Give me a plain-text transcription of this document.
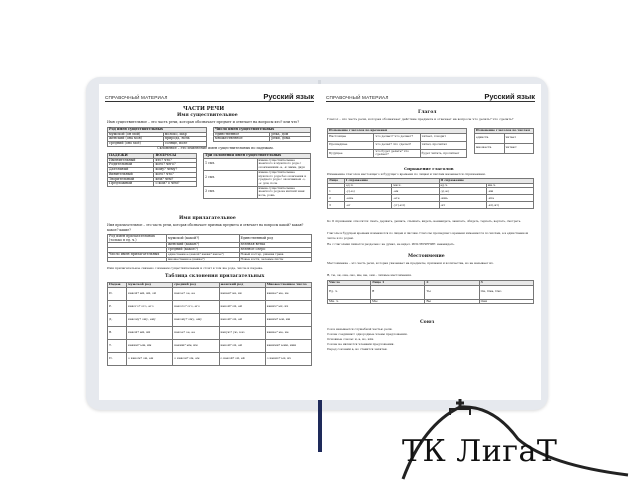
СПРАВОЧНЫЙ МАТЕРИАЛ	Русский язык
ЧАСТИ РЕЧИ
Имя существительное
Имя существительное – это часть речи, которая обозначает предмет и отвечает на вопросы кто? или что?
Род имен существительных	
мужской (он мой)	молоко, шар
женский (она моя)	природа, ночь
средний (оно моё)	солнце, поле
Число имен существительных	
единственное	река, дом
множественное	реки, дома
Склонение – это изменение имен существительных по падежам.
ПАДЕЖИ	ВОПРОСЫ
Именительный	кто? что?
Родительный	кого? чего?
Дательный	кому? чему?
Винительный	кого? что?
Творительный	кем? чем?
Предложный	о ком? о чём?
Три склонения имен существительных	
1 скл.	имена существительные женского и мужского рода с окончаниями -а, -я: мама, дядя
2 скл.	имена существительные мужского рода без окончания и среднего рода с окончанием -о, -е: дом, поле
3 скл.	имена существительные женского рода на мягкий знак: ночь, рожь
Имя прилагательное
Имя прилагательное – это часть речи, которая обозначает признак предмета и отвечает на вопросы какой? какая? какое? какие?
Род имен прилагательных (только в ед. ч.)	мужской (какой?)	Единственный род
	женский (какая?)	зеленая ветка
	средний (какое?)	зеленое озеро
Число имен прилагательных	единственное (какой? какая? какое?)	Новый костер, ржаная трава
	множественное (какие?)	Новые кости, зеленые листы
Имя прилагательное связано с именем существительным и стоит в том же роде, числе и падеже.
Таблица склонения прилагательных
Падеж	мужской род	средний род	женский род	Множественное число
И.	какой? ый, ий, ой	какое? ое, ее	какая? ая, яя	какие? ые, ие
Р.	какого? ого, его	какого? ого, его	какой? ой, ей	каких? ых, их
Д.	какому? ому, ему	какому? ому, ему	какой? ой, ей	каким? ым, им
В.	какой? ый, ий	какое? ое, ее	какую? ую, юю	какие? ые, ие
Т.	каким? ым, им	каким? ым, им	какой? ой, ей	какими? ыми, ими
П.	о каком? ом, ем	о каком? ом, ем	о какой? ой, ей	о каких? ых, их
СПРАВОЧНЫЙ МАТЕРИАЛ	Русский язык
Глагол
Глагол – это часть речи, которая обозначает действие предмета и отвечает на вопросы что делать? что сделать?
Изменение глаголов по временам		
Настоящее	что делает? что делают?	читает, говорит
Прошедшее	что делал? что сделал?	читал, прочитал
Будущее	что будет делать? что сделает?	будет читать, прочитает
Изменение глаголов по числам	
единств.	читает
множеств.	читают
Спряжение глаголов
Изменение глаголов настоящего и будущего времени по лицам и числам называется спряжением.
Лицо	I спряжение		II спряжение	
	ед.ч.	мн.ч.	ед.ч.	мн.ч.
1	-у(-ю)	-ем	-у(-ю)	-им
2	-ешь	-ете	-ишь	-ите
3	-ет	-ут(-ют)	-ит	-ат(-ят)
Ко II спряжению относятся: гнать, держать, дышать, слышать, видеть, ненавидеть, зависеть, обидеть, терпеть, вертеть, смотреть.
Глаголы в будущем времени изменяются по лицам и числам. Глаголы прошедшего времени изменяются по числам, а в единственном числе и по родам.
Не с глаголами пишется раздельно: не думал, не видел. ИСКЛЮЧЕНИЕ: ненавидеть.
Местоимение
Местоимение – это часть речи, которая указывает на предметы, признаки и количества, но не называет их.
Я, ты, он, она, оно, мы, вы, они – личные местоимения.
Число	Лицо 1	2	3
Ед. ч.	Я	Ты	Он, Она, Оно
Мн. ч.	Мы	Вы	Они
Союз
Союз называется служебной частью речи.
Союзы соединяют однородные члены предложения.
Основные союзы: и, а, но, или.
Союзы не являются членами предложения.
Перед союзами а, но ставится запятая.
ТК ЛигаТ
